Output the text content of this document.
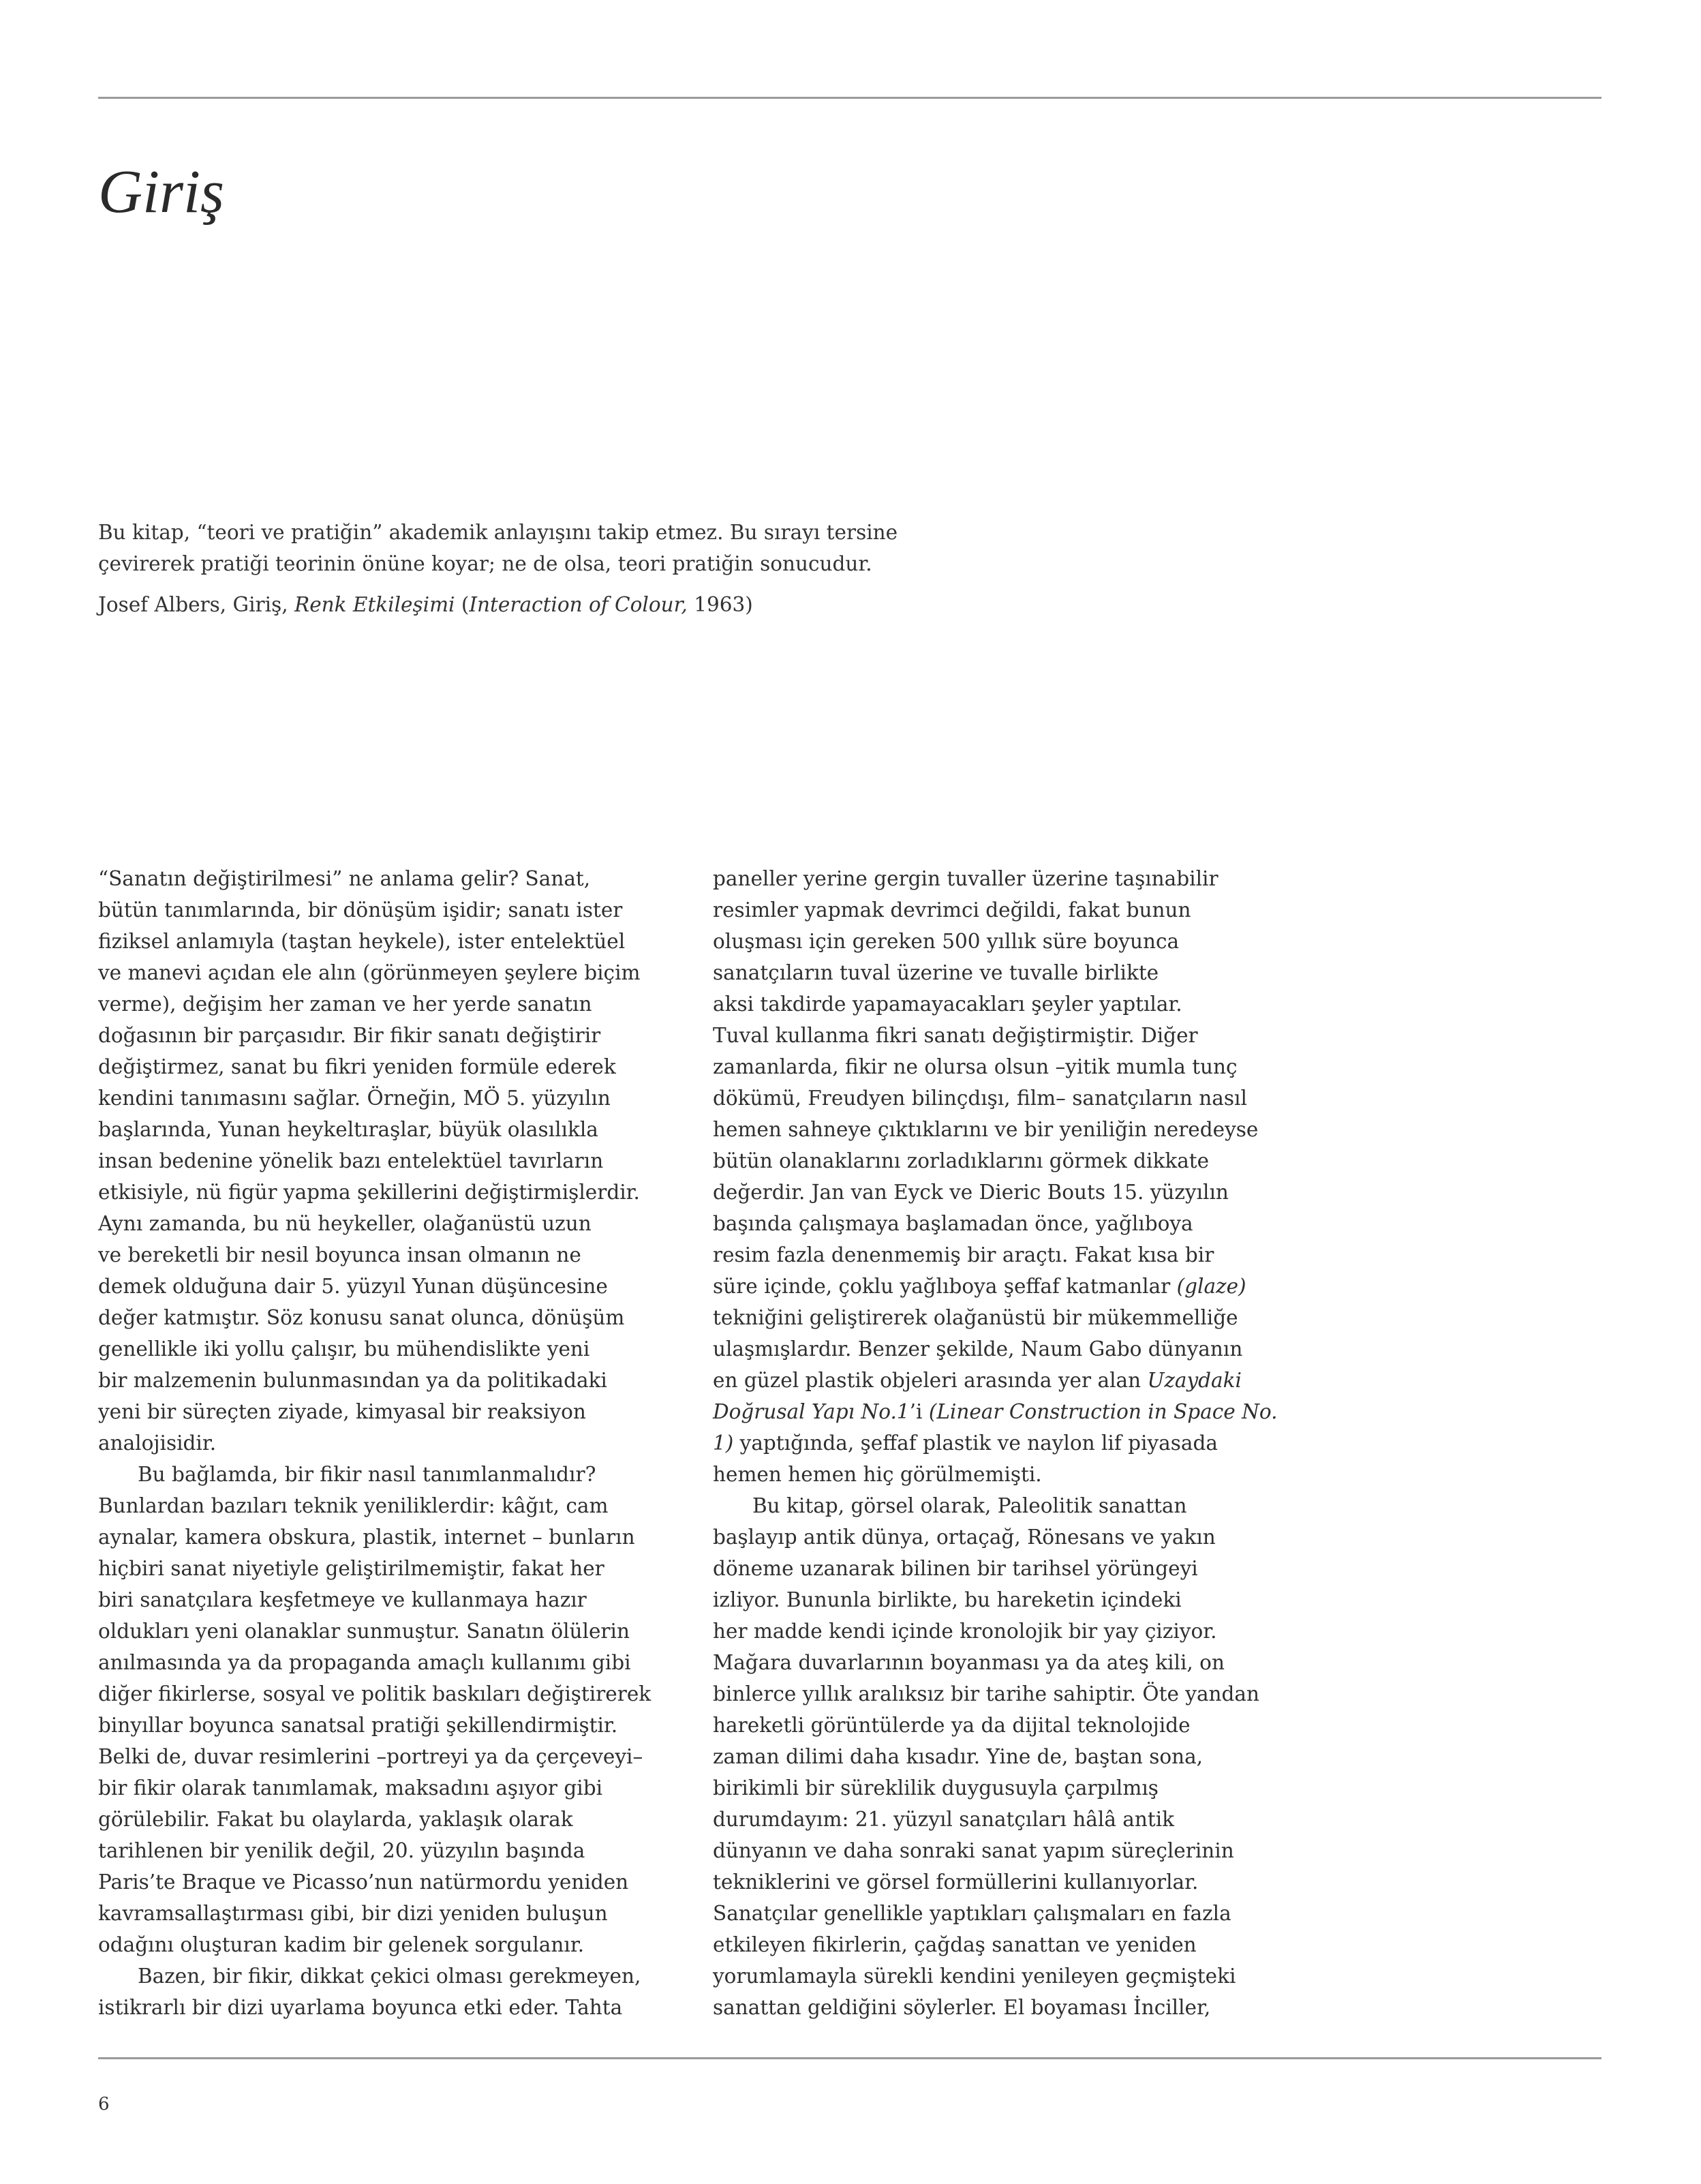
Giriş

Bu kitap, “teori ve pratiğin” akademik anlayışını takip etmez. Bu sırayı tersine
çevirerek pratiği teorinin önüne koyar; ne de olsa, teori pratiğin sonucudur.

Josef Albers, Giriş, Renk Etkileşimi (Interaction of Colour, 1963)

“Sanatın değiştirilmesi” ne anlama gelir? Sanat,
bütün tanımlarında, bir dönüşüm işidir; sanatı ister
fiziksel anlamıyla (taştan heykele), ister entelektüel
ve manevi açıdan ele alın (görünmeyen şeylere biçim
verme), değişim her zaman ve her yerde sanatın
doğasının bir parçasıdır. Bir fikir sanatı değiştirir
değiştirmez, sanat bu fikri yeniden formüle ederek
kendini tanımasını sağlar. Örneğin, MÖ 5. yüzyılın
başlarında, Yunan heykeltıraşlar, büyük olasılıkla
insan bedenine yönelik bazı entelektüel tavırların
etkisiyle, nü figür yapma şekillerini değiştirmişlerdir.
Aynı zamanda, bu nü heykeller, olağanüstü uzun
ve bereketli bir nesil boyunca insan olmanın ne
demek olduğuna dair 5. yüzyıl Yunan düşüncesine
değer katmıştır. Söz konusu sanat olunca, dönüşüm
genellikle iki yollu çalışır, bu mühendislikte yeni
bir malzemenin bulunmasından ya da politikadaki
yeni bir süreçten ziyade, kimyasal bir reaksiyon
analojisidir.
Bu bağlamda, bir fikir nasıl tanımlanmalıdır?
Bunlardan bazıları teknik yeniliklerdir: kâğıt, cam
aynalar, kamera obskura, plastik, internet – bunların
hiçbiri sanat niyetiyle geliştirilmemiştir, fakat her
biri sanatçılara keşfetmeye ve kullanmaya hazır
oldukları yeni olanaklar sunmuştur. Sanatın ölülerin
anılmasında ya da propaganda amaçlı kullanımı gibi
diğer fikirlerse, sosyal ve politik baskıları değiştirerek
binyıllar boyunca sanatsal pratiği şekillendirmiştir.
Belki de, duvar resimlerini –portreyi ya da çerçeveyi–
bir fikir olarak tanımlamak, maksadını aşıyor gibi
görülebilir. Fakat bu olaylarda, yaklaşık olarak
tarihlenen bir yenilik değil, 20. yüzyılın başında
Paris’te Braque ve Picasso’nun natürmordu yeniden
kavramsallaştırması gibi, bir dizi yeniden buluşun
odağını oluşturan kadim bir gelenek sorgulanır.
Bazen, bir fikir, dikkat çekici olması gerekmeyen,
istikrarlı bir dizi uyarlama boyunca etki eder. Tahta
paneller yerine gergin tuvaller üzerine taşınabilir
resimler yapmak devrimci değildi, fakat bunun
oluşması için gereken 500 yıllık süre boyunca
sanatçıların tuval üzerine ve tuvalle birlikte
aksi takdirde yapamayacakları şeyler yaptılar.
Tuval kullanma fikri sanatı değiştirmiştir. Diğer
zamanlarda, fikir ne olursa olsun –yitik mumla tunç
dökümü, Freudyen bilinçdışı, film– sanatçıların nasıl
hemen sahneye çıktıklarını ve bir yeniliğin neredeyse
bütün olanaklarını zorladıklarını görmek dikkate
değerdir. Jan van Eyck ve Dieric Bouts 15. yüzyılın
başında çalışmaya başlamadan önce, yağlıboya
resim fazla denenmemiş bir araçtı. Fakat kısa bir
süre içinde, çoklu yağlıboya şeffaf katmanlar (glaze)
tekniğini geliştirerek olağanüstü bir mükemmelliğe
ulaşmışlardır. Benzer şekilde, Naum Gabo dünyanın
en güzel plastik objeleri arasında yer alan Uzaydaki
Doğrusal Yapı No.1’i (Linear Construction in Space No.
1) yaptığında, şeffaf plastik ve naylon lif piyasada
hemen hemen hiç görülmemişti.
Bu kitap, görsel olarak, Paleolitik sanattan
başlayıp antik dünya, ortaçağ, Rönesans ve yakın
döneme uzanarak bilinen bir tarihsel yörüngeyi
izliyor. Bununla birlikte, bu hareketin içindeki
her madde kendi içinde kronolojik bir yay çiziyor.
Mağara duvarlarının boyanması ya da ateş kili, on
binlerce yıllık aralıksız bir tarihe sahiptir. Öte yandan
hareketli görüntülerde ya da dijital teknolojide
zaman dilimi daha kısadır. Yine de, baştan sona,
birikimli bir süreklilik duygusuyla çarpılmış
durumdayım: 21. yüzyıl sanatçıları hâlâ antik
dünyanın ve daha sonraki sanat yapım süreçlerinin
tekniklerini ve görsel formüllerini kullanıyorlar.
Sanatçılar genellikle yaptıkları çalışmaları en fazla
etkileyen fikirlerin, çağdaş sanattan ve yeniden
yorumlamayla sürekli kendini yenileyen geçmişteki
sanattan geldiğini söylerler. El boyaması İnciller,
6
